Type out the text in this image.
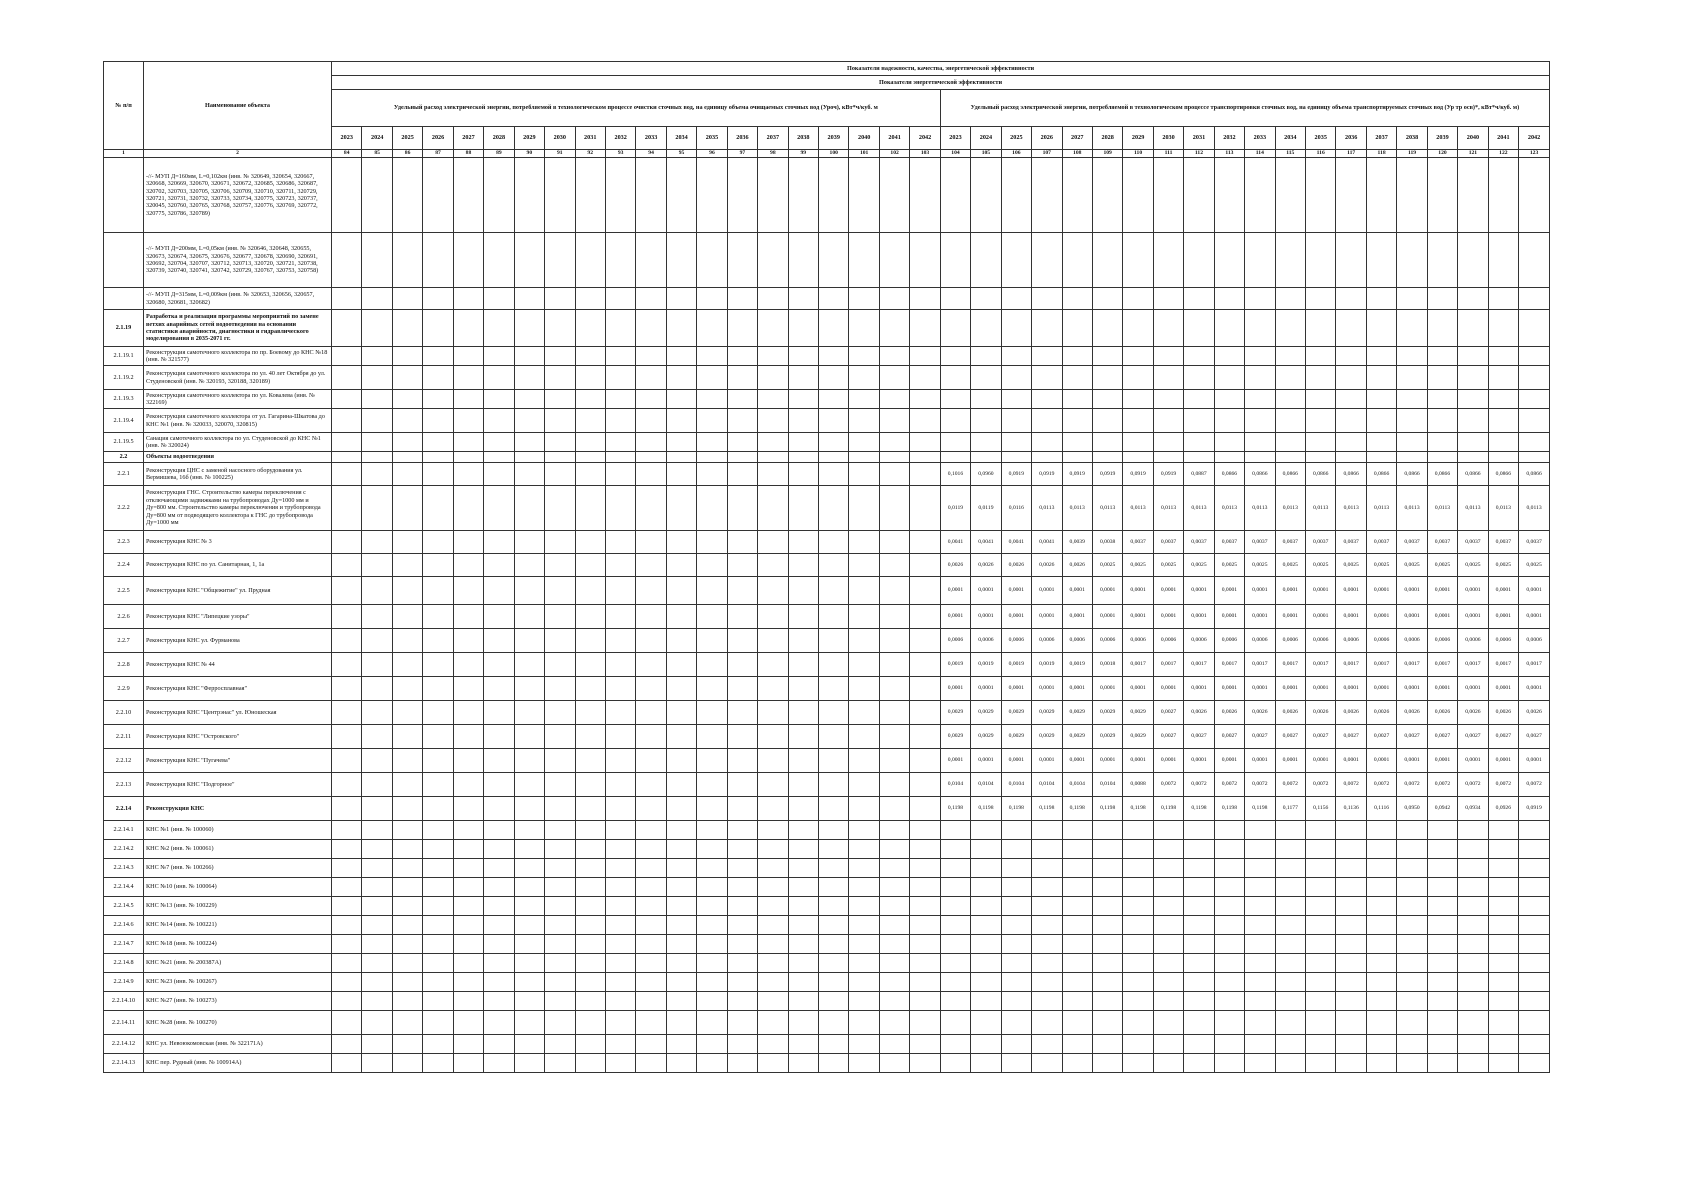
№ п/п	Наименование объекта	Показатели надежности, качества, энергетической эффективности																																							
		Показатели энергетической эффективности																																							
		Удельный расход электрической энергии, потребляемой в технологическом процессе очистки сточных вод, на единицу объема очищаемых сточных вод (Уроч), кВт*ч/куб. м																				Удельный расход электрической энергии, потребляемой в технологическом процессе транспортировки сточных вод, на единицу объема транспортируемых сточных вод (Ур тр осв)*, кВт*ч/куб. м)																			
		2023	2024	2025	2026	2027	2028	2029	2030	2031	2032	2033	2034	2035	2036	2037	2038	2039	2040	2041	2042	2023	2024	2025	2026	2027	2028	2029	2030	2031	2032	2033	2034	2035	2036	2037	2038	2039	2040	2041	2042
1	2	84	85	86	87	88	89	90	91	92	93	94	95	96	97	98	99	100	101	102	103	104	105	106	107	108	109	110	111	112	113	114	115	116	117	118	119	120	121	122	123
	-//- МУП Д=160мм, L=0,102км (инв. № 320649, 320654, 320667, 320668, 320669, 320670, 320671, 320672, 320685, 320686, 320687, 320702, 320703, 320705, 320706, 320709, 320710, 320711, 320729, 320721, 320731, 320732, 320733, 320734, 320775, 320723, 320737, 320045, 320760, 320765, 320768, 320757, 320776, 320769, 320772, 320775, 320786, 320789)																																								
	-//- МУП Д=200мм, L=0,05км (инв. № 320646, 320648, 320655, 320673, 320674, 320675, 320676, 320677, 320678, 320690, 320691, 320692, 320704, 320707, 320712, 320713, 320720, 320721, 320738, 320739, 320740, 320741, 320742, 320729, 320767, 320753, 320758)																																								
	-//- МУП Д=315мм, L=0,009км (инв. № 320653, 320656, 320657, 320680, 320681, 320682)																																								
2.1.19	Разработка и реализация программы мероприятий по замене ветхих аварийных сетей водоотведения на основании статистики аварийности, диагностики и гидравлического моделирования в 2035-2071 гг.																																								
2.1.19.1	Реконструкция самотечного коллектора по пр. Боевому до КНС №18 (инв. № 321577)																																								
2.1.19.2	Реконструкция самотечного коллектора по ул. 40 лет Октября до ул. Студеновской (инв. № 320193, 320188, 320189)																																								
2.1.19.3	Реконструкция самотечного коллектора по ул. Ковалева (инв. № 322169)																																								
2.1.19.4	Реконструкция самотечного коллектора от ул. Гагарина-Шкатова до КНС №1 (инв. № 320033, 320070, 320815)																																								
2.1.19.5	Санация самотечного коллектора по ул. Студеновской до КНС №1 (инв. № 320024)																																								
2.2	Объекты водоотведения																																								
2.2.1	Реконструкция ЦНС с заменой насосного оборудования ул. Вермишева, 16б (инв. № 100225)																					0,1016	0,0960	0,0919	0,0919	0,0919	0,0919	0,0919	0,0919	0,0887	0,0866	0,0866	0,0866	0,0866	0,0866	0,0866	0,0866	0,0866	0,0866	0,0866	0,0866
2.2.2	Реконструкция ГНС. Строительство камеры переключения с отключающими задвижками на трубопроводах Ду=1000 мм и Ду=800 мм. Строительство камеры переключения и трубопровода Ду=800 мм от подводящего коллектора к ГНС до трубопровода Ду=1000 мм																					0,0119	0,0119	0,0116	0,0113	0,0113	0,0113	0,0113	0,0113	0,0113	0,0113	0,0113	0,0113	0,0113	0,0113	0,0113	0,0113	0,0113	0,0113	0,0113	0,0113
2.2.3	Реконструкция КНС № 3																					0,0041	0,0041	0,0041	0,0041	0,0039	0,0038	0,0037	0,0037	0,0037	0,0037	0,0037	0,0037	0,0037	0,0037	0,0037	0,0037	0,0037	0,0037	0,0037	0,0037
2.2.4	Реконструкция КНС по ул. Санитарная, 1, 1а																					0,0026	0,0026	0,0026	0,0026	0,0026	0,0025	0,0025	0,0025	0,0025	0,0025	0,0025	0,0025	0,0025	0,0025	0,0025	0,0025	0,0025	0,0025	0,0025	0,0025
2.2.5	Реконструкция КНС "Общежитие" ул. Прудная																					0,0001	0,0001	0,0001	0,0001	0,0001	0,0001	0,0001	0,0001	0,0001	0,0001	0,0001	0,0001	0,0001	0,0001	0,0001	0,0001	0,0001	0,0001	0,0001	0,0001
2.2.6	Реконструкция КНС "Липецкие узоры"																					0,0001	0,0001	0,0001	0,0001	0,0001	0,0001	0,0001	0,0001	0,0001	0,0001	0,0001	0,0001	0,0001	0,0001	0,0001	0,0001	0,0001	0,0001	0,0001	0,0001
2.2.7	Реконструкция КНС ул. Фурманова																					0,0006	0,0006	0,0006	0,0006	0,0006	0,0006	0,0006	0,0006	0,0006	0,0006	0,0006	0,0006	0,0006	0,0006	0,0006	0,0006	0,0006	0,0006	0,0006	0,0006
2.2.8	Реконструкция КНС № 44																					0,0019	0,0019	0,0019	0,0019	0,0019	0,0018	0,0017	0,0017	0,0017	0,0017	0,0017	0,0017	0,0017	0,0017	0,0017	0,0017	0,0017	0,0017	0,0017	0,0017
2.2.9	Реконструкция КНС "Ферросплавная"																					0,0001	0,0001	0,0001	0,0001	0,0001	0,0001	0,0001	0,0001	0,0001	0,0001	0,0001	0,0001	0,0001	0,0001	0,0001	0,0001	0,0001	0,0001	0,0001	0,0001
2.2.10	Реконструкция КНС "Центрэнас" ул. Юношеская																					0,0029	0,0029	0,0029	0,0029	0,0029	0,0029	0,0029	0,0027	0,0026	0,0026	0,0026	0,0026	0,0026	0,0026	0,0026	0,0026	0,0026	0,0026	0,0026	0,0026
2.2.11	Реконструкция КНС "Островского"																					0,0029	0,0029	0,0029	0,0029	0,0029	0,0029	0,0029	0,0027	0,0027	0,0027	0,0027	0,0027	0,0027	0,0027	0,0027	0,0027	0,0027	0,0027	0,0027	0,0027
2.2.12	Реконструкция КНС "Пугачева"																					0,0001	0,0001	0,0001	0,0001	0,0001	0,0001	0,0001	0,0001	0,0001	0,0001	0,0001	0,0001	0,0001	0,0001	0,0001	0,0001	0,0001	0,0001	0,0001	0,0001
2.2.13	Реконструкция КНС "Подгорное"																					0,0104	0,0104	0,0104	0,0104	0,0104	0,0104	0,0088	0,0072	0,0072	0,0072	0,0072	0,0072	0,0072	0,0072	0,0072	0,0072	0,0072	0,0072	0,0072	0,0072
2.2.14	Реконструкция КНС																					0,1198	0,1198	0,1198	0,1198	0,1198	0,1198	0,1198	0,1198	0,1198	0,1198	0,1198	0,1177	0,1156	0,1136	0,1116	0,0950	0,0942	0,0934	0,0926	0,0919
2.2.14.1	КНС №1 (инв. № 100060)																																								
2.2.14.2	КНС №2 (инв. № 100061)																																								
2.2.14.3	КНС №7 (инв. № 100266)																																								
2.2.14.4	КНС №10 (инв. № 100064)																																								
2.2.14.5	КНС №13 (инв. № 100229)																																								
2.2.14.6	КНС №14 (инв. № 100221)																																								
2.2.14.7	КНС №18 (инв. № 100224)																																								
2.2.14.8	КНС №21 (инв. № 200387А)																																								
2.2.14.9	КНС №23 (инв. № 100267)																																								
2.2.14.10	КНС №27 (инв. № 100273)																																								
2.2.14.11	КНС №28 (инв. № 100270)																																								
2.2.14.12	КНС ул. Невоюкомовская (инв. № 322171А)																																								
2.2.14.13	КНС пер. Рудный (инв. № 100914А)																																								
